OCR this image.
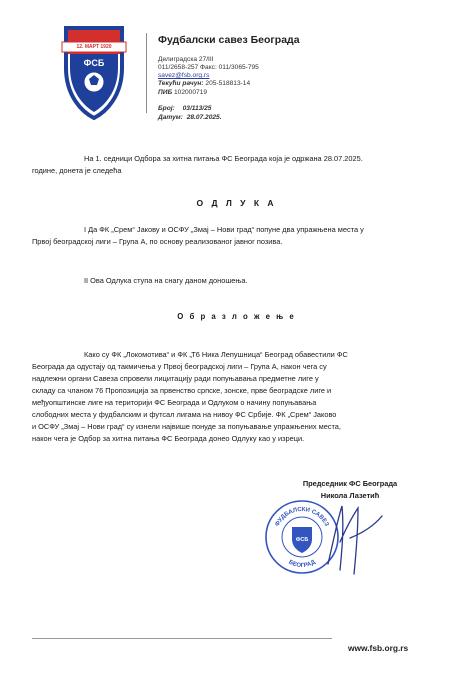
12. MAPT 1920
ФСБ
Фудбалски савез Београда
Делиградска 27/III
011/2658-257 Факс: 011/3065-795
savez@fsb.org.rs
Текући рачун: 205-518813-14
ПИБ 102000719
Број: 03/113/25
Датум: 28.07.2025.
На 1. седници Одбора за хитна питања ФС Београда која је одржана 28.07.2025.
године, донета је следећа
О Д Л У К А
I Да ФК „Срем“ Јакову и ОСФУ „Змај – Нови град“ попуне два упражњена места у
Првој београдској лиги – Група А, по основу реализованог јавног позива.
II Ова Одлука ступа на снагу даном доношења.
О б р а з л о ж е њ е
Како су ФК „Локомотива“ и ФК „Т6 Ника Лепушница“ Београд обавестили ФС
Београда да одустају од такмичења у Првој београдској лиги – Група А, након чега су
надлежни органи Савеза спровели лицитацију ради попуњавања предметне лиге у
складу са чланом 76 Пропозиција за првенство српске, зонске, прве београдске лиге и
међуопштинске лиге на територији ФС Београда и Одлуком о начину попуњавања
слободних места у фудбалским и футсал лигама на нивоу ФС Србије. ФК „Срем“ Јаково
и ОСФУ „Змај – Нови град“ су изнели највише понуде за попуњавање упражњених места,
након чега је Одбор за хитна питања ФС Београда донео Одлуку као у изреци.
Председник ФС Београда
Никола Лазетић
ФУДБАЛСКИ САВЕЗ
БЕОГРАД
ФСБ
www.fsb.org.rs
